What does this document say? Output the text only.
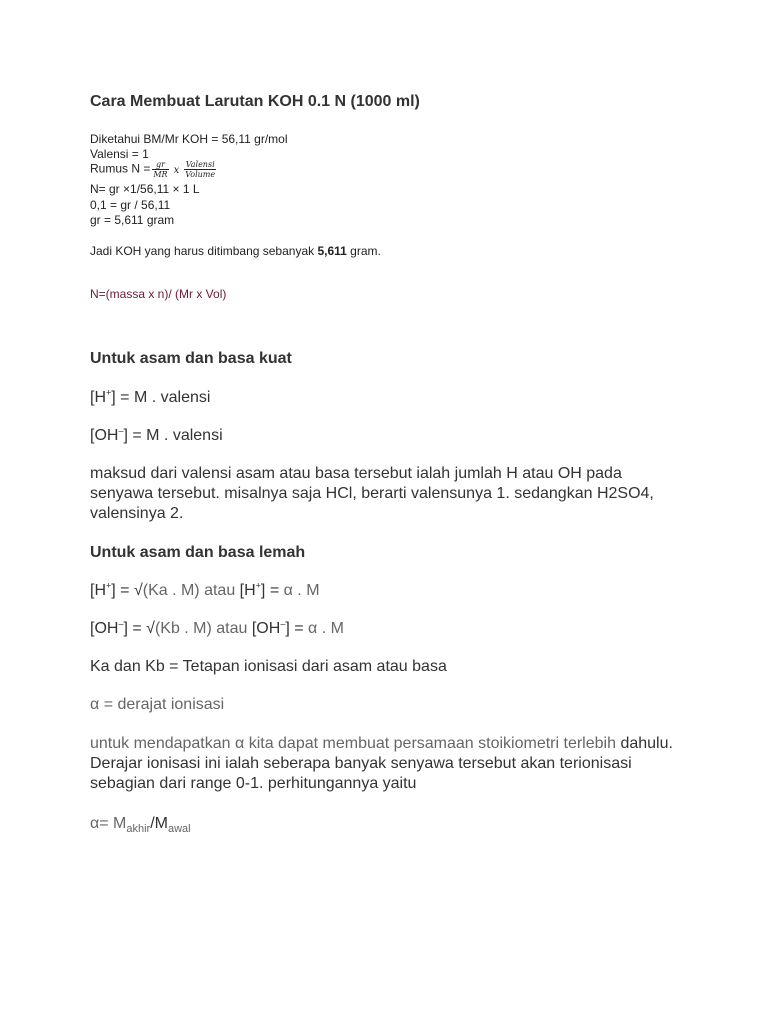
Cara Membuat Larutan KOH 0.1 N (1000 ml)
Diketahui BM/Mr KOH = 56,11 gr/mol
Valensi = 1
Rumus $N = \frac{gr}{MR}$ x $\frac{\text{Valensi}}{\text{Volume}}$
N= gr ×1/56,11 × 1 L
0,1 = gr / 56,11
gr = 5,611 gram
Jadi KOH yang harus ditimbang sebanyak 5,611 gram.
N=(massa x n)/ (Mr x Vol)
Untuk asam dan basa kuat
[H+] = M . valensi
[OH–] = M . valensi
maksud dari valensi asam atau basa tersebut ialah jumlah H atau OH pada senyawa tersebut. misalnya saja HCl, berarti valensunya 1. sedangkan H2SO4, valensinya 2.
Untuk asam dan basa lemah
[H+] = √(Ka . M) atau [H+] = α . M
[OH–] = √(Kb . M) atau [OH–] = α . M
Ka dan Kb = Tetapan ionisasi dari asam atau basa
α = derajat ionisasi
untuk mendapatkan α kita dapat membuat persamaan stoikiometri terlebih dahulu. Derajar ionisasi ini ialah seberapa banyak senyawa tersebut akan terionisasi sebagian dari range 0-1. perhitungannya yaitu
$\alpha= M_{akhir}/M_{awal}$
